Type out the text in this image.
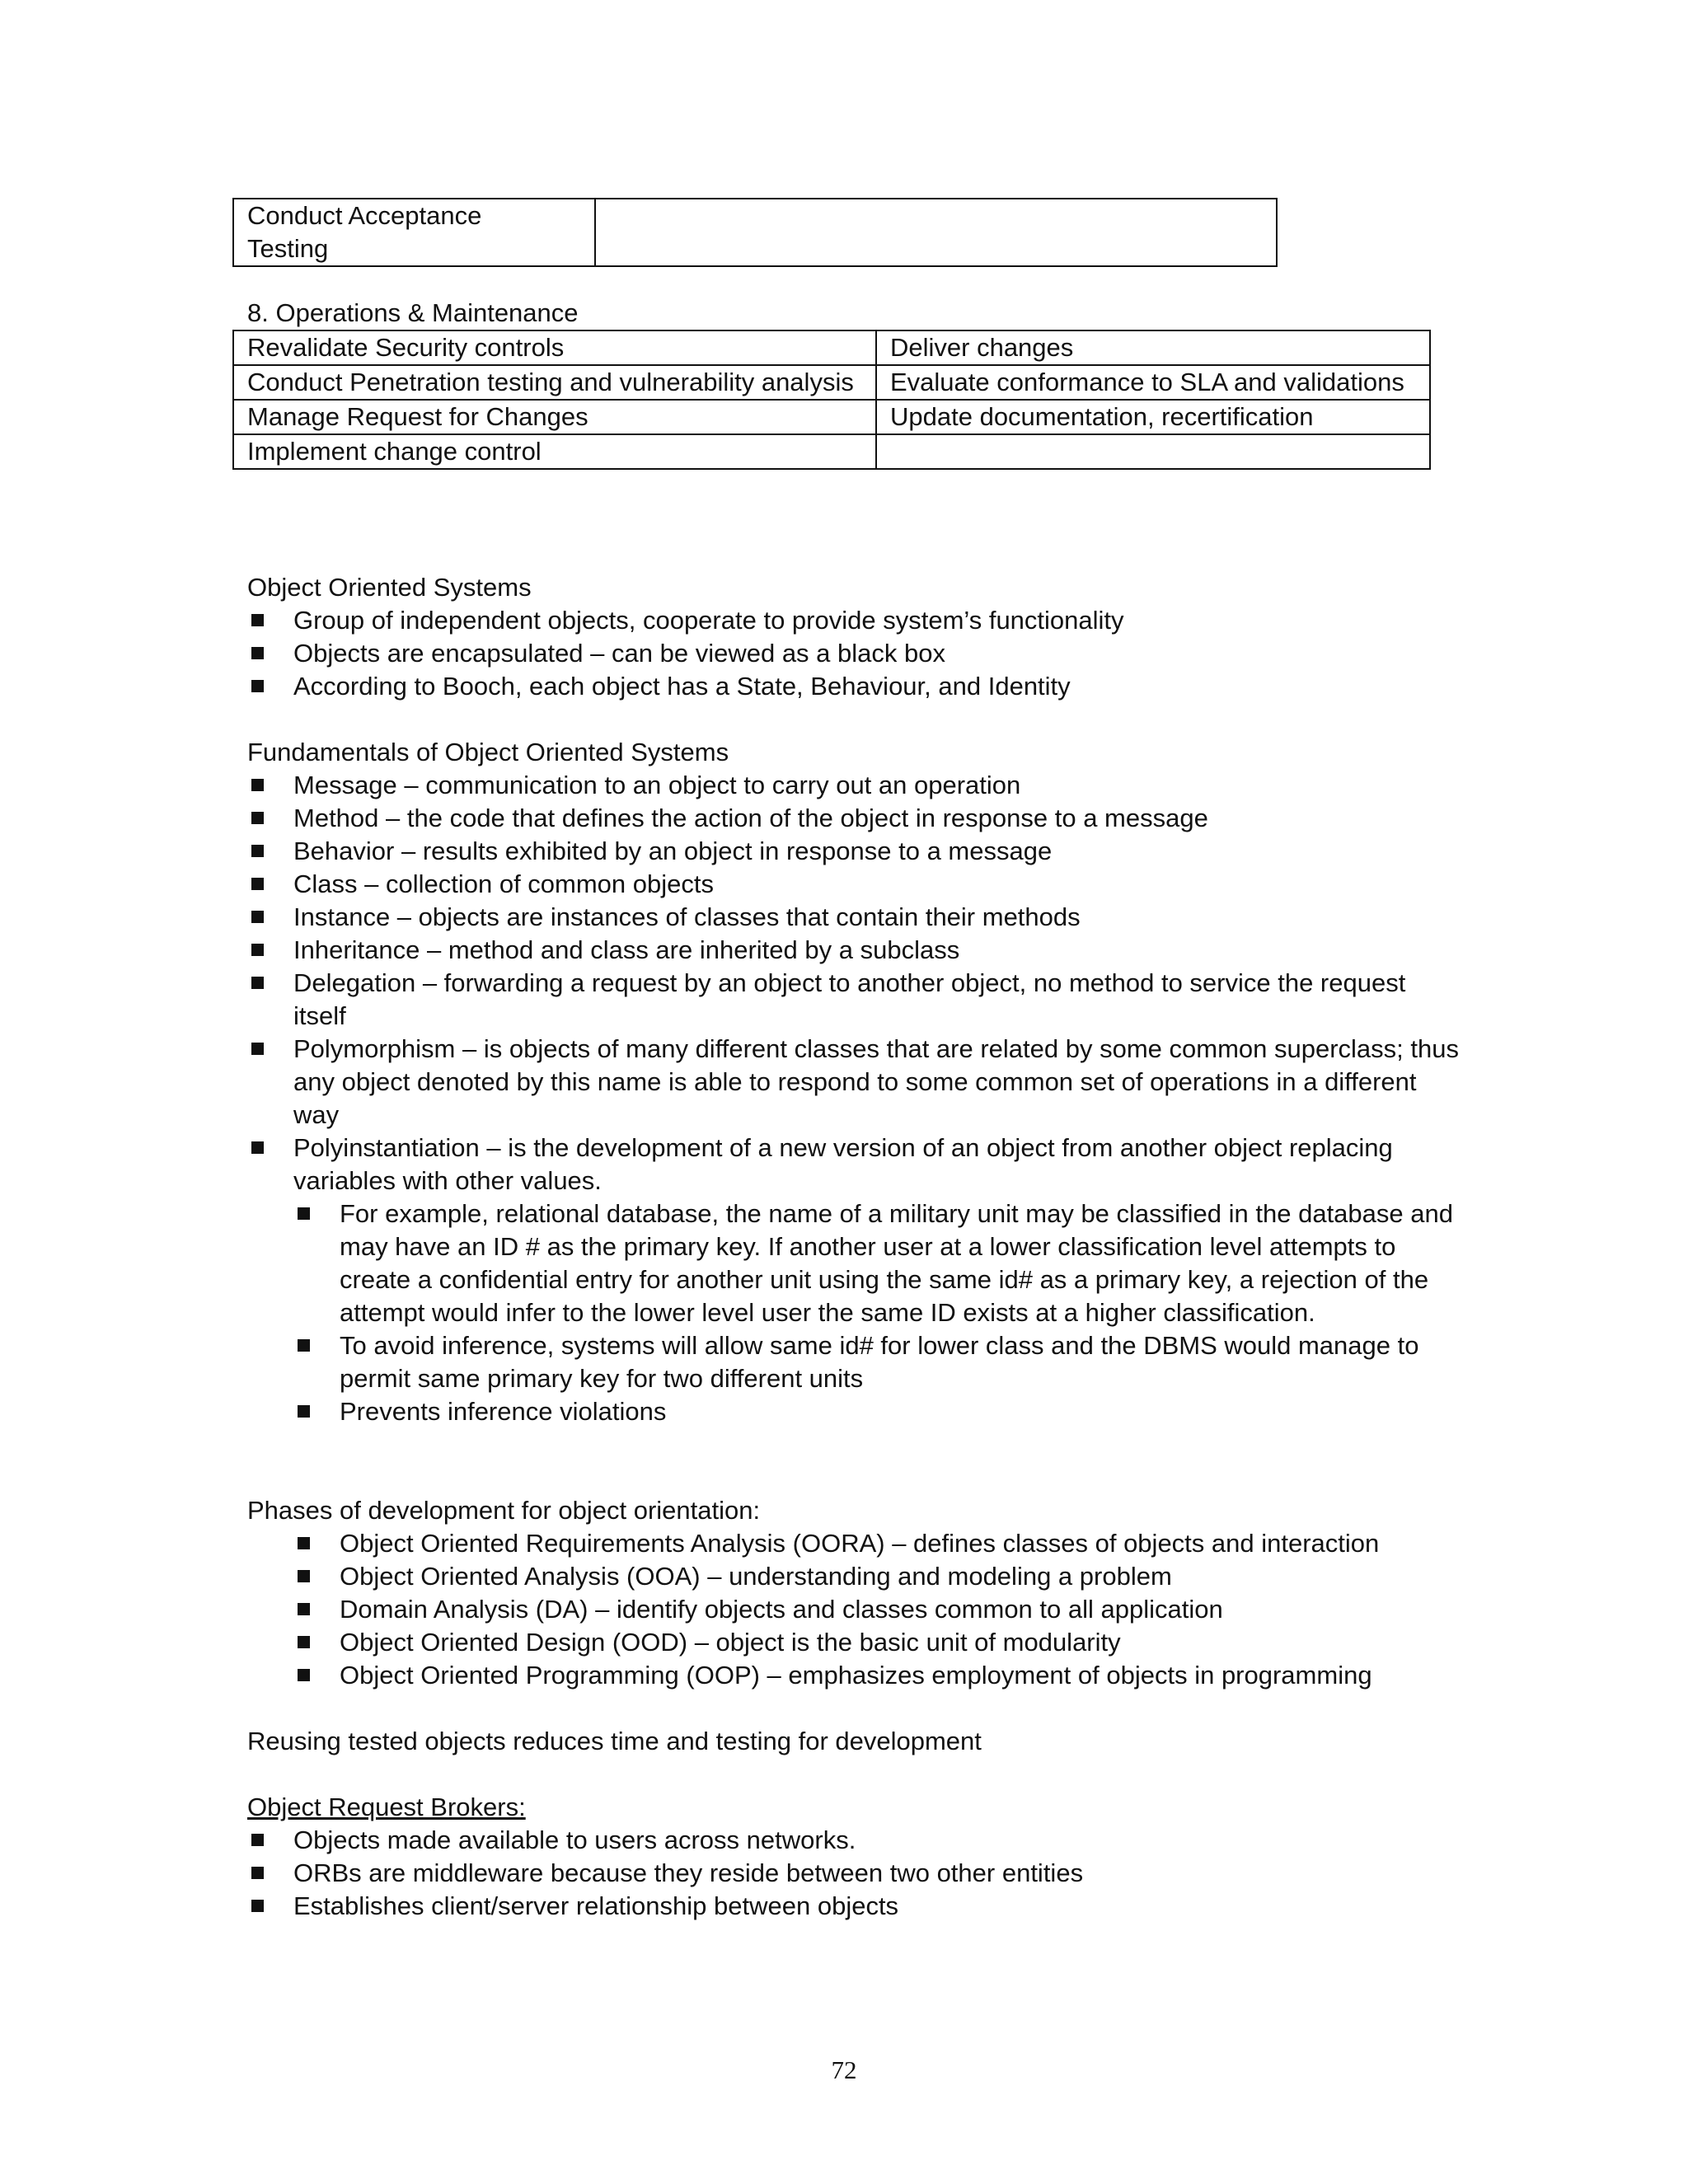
Conduct Acceptance
Testing	
8. Operations & Maintenance
Revalidate Security controls	Deliver changes
Conduct Penetration testing and vulnerability analysis	Evaluate conformance to SLA and validations
Manage Request for Changes	Update documentation, recertification
Implement change control	
Object Oriented Systems
Group of independent objects, cooperate to provide system’s functionality
Objects are encapsulated – can be viewed as a black box
According to Booch, each object has a State, Behaviour, and Identity
Fundamentals of Object Oriented Systems
Message – communication to an object to carry out an operation
Method – the code that defines the action of the object in response to a message
Behavior – results exhibited by an object in response to a message
Class – collection of common objects
Instance – objects are instances of classes that contain their methods
Inheritance – method and class are inherited by a subclass
Delegation – forwarding a request by an object to another object, no method to service the request itself
Polymorphism – is objects of many different classes that are related by some common superclass; thus any object denoted by this name is able to respond to some common set of operations in a different way
Polyinstantiation – is the development of a new version of an object from another object replacing variables with other values.
For example, relational database, the name of a military unit may be classified in the database and may have an ID # as the primary key. If another user at a lower classification level attempts to create a confidential entry for another unit using the same id# as a primary key, a rejection of the attempt would infer to the lower level user the same ID exists at a higher classification.
To avoid inference, systems will allow same id# for lower class and the DBMS would manage to permit same primary key for two different units
Prevents inference violations
Phases of development for object orientation:
Object Oriented Requirements Analysis (OORA) – defines classes of objects and interaction
Object Oriented Analysis (OOA) – understanding and modeling a problem
Domain Analysis (DA) – identify objects and classes common to all application
Object Oriented Design (OOD) – object is the basic unit of modularity
Object Oriented Programming (OOP) – emphasizes employment of objects in programming
Reusing tested objects reduces time and testing for development
Object Request Brokers:
Objects made available to users across networks.
ORBs are middleware because they reside between two other entities
Establishes client/server relationship between objects
72
